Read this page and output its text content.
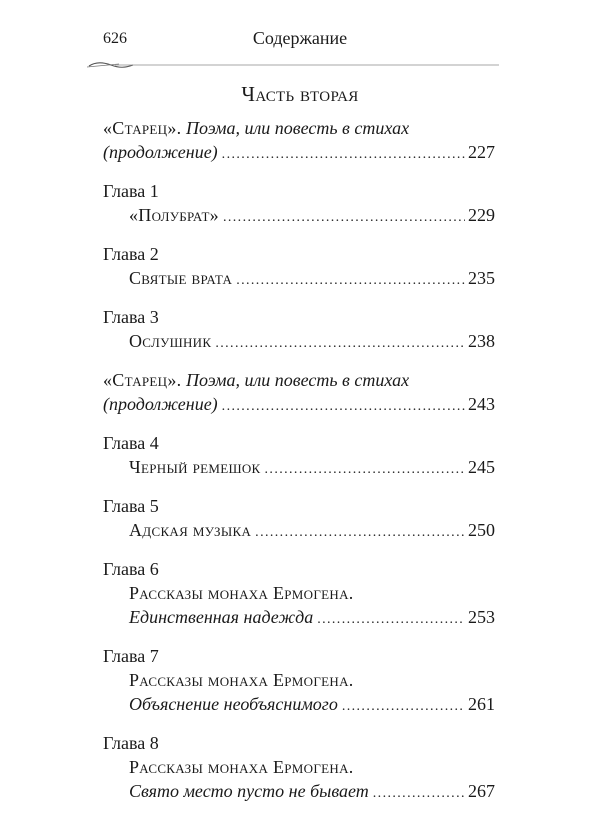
626	Содержание
Часть вторая
«Старец». Поэма, или повесть в стихах
(продолжение) .....	227
Глава 1
«Полубрат» .....	229
Глава 2
Святые врата .....	235
Глава 3
Ослушник .....	238
«Старец». Поэма, или повесть в стихах
(продолжение) .....	243
Глава 4
Черный ремешок .....	245
Глава 5
Адская музыка .....	250
Глава 6
Рассказы монаха Ермогена.
Единственная надежда .....	253
Глава 7
Рассказы монаха Ермогена.
Объяснение необъяснимого .....	261
Глава 8
Рассказы монаха Ермогена.
Свято место пусто не бывает .....	267
